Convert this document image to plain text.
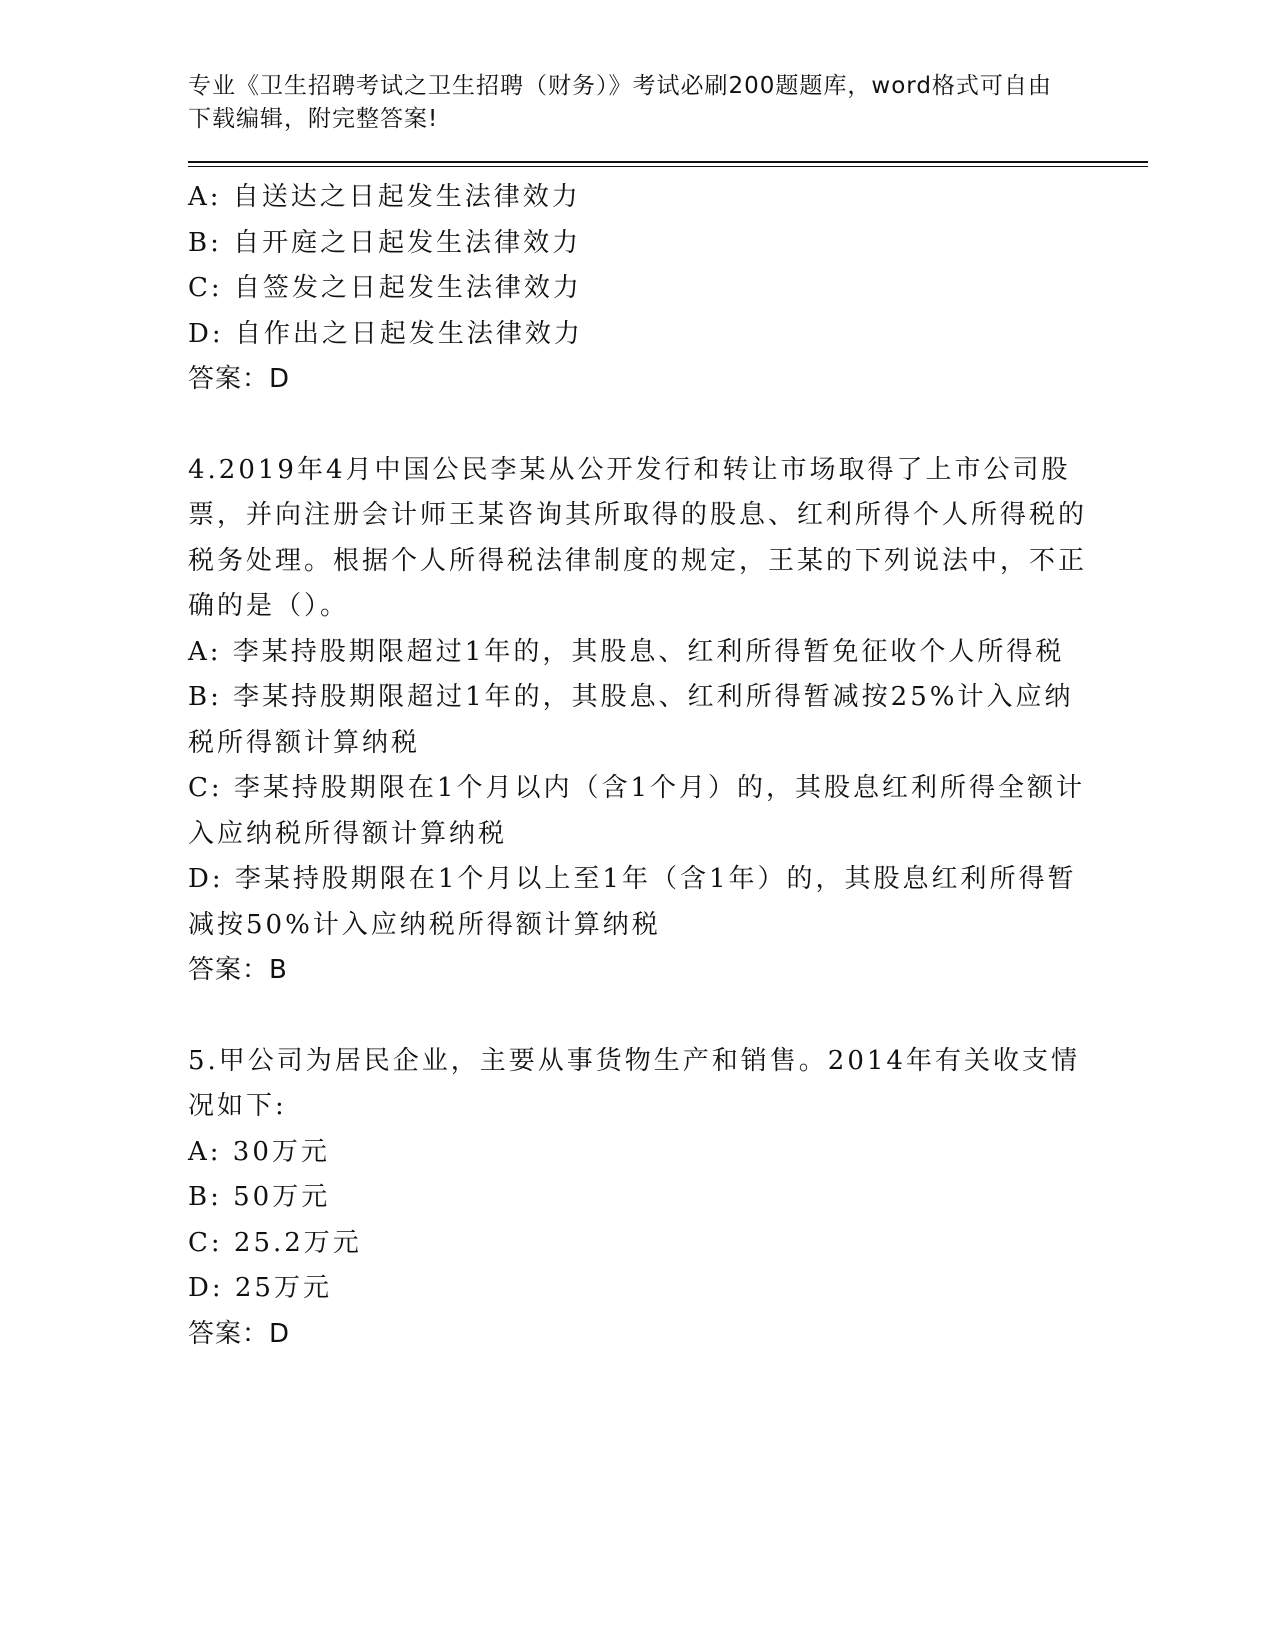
专业《卫生招聘考试之卫生招聘（财务）》考试必刷200题题库，word格式可自由下载编辑，附完整答案!

A: 自送达之日起发生法律效力

B: 自开庭之日起发生法律效力

C: 自签发之日起发生法律效力

D: 自作出之日起发生法律效力

答案：D

4.2019年4月中国公民李某从公开发行和转让市场取得了上市公司股票，并向注册会计师王某咨询其所取得的股息、红利所得个人所得税的税务处理。根据个人所得税法律制度的规定，王某的下列说法中，不正确的是（）。

A: 李某持股期限超过1年的，其股息、红利所得暂免征收个人所得税

B: 李某持股期限超过1年的，其股息、红利所得暂减按25%计入应纳税所得额计算纳税

C: 李某持股期限在1个月以内（含1个月）的，其股息红利所得全额计入应纳税所得额计算纳税

D: 李某持股期限在1个月以上至1年（含1年）的，其股息红利所得暂减按50%计入应纳税所得额计算纳税

答案：B

5.甲公司为居民企业，主要从事货物生产和销售。2014年有关收支情况如下:

A: 30万元

B: 50万元

C: 25.2万元

D: 25万元

答案：D
